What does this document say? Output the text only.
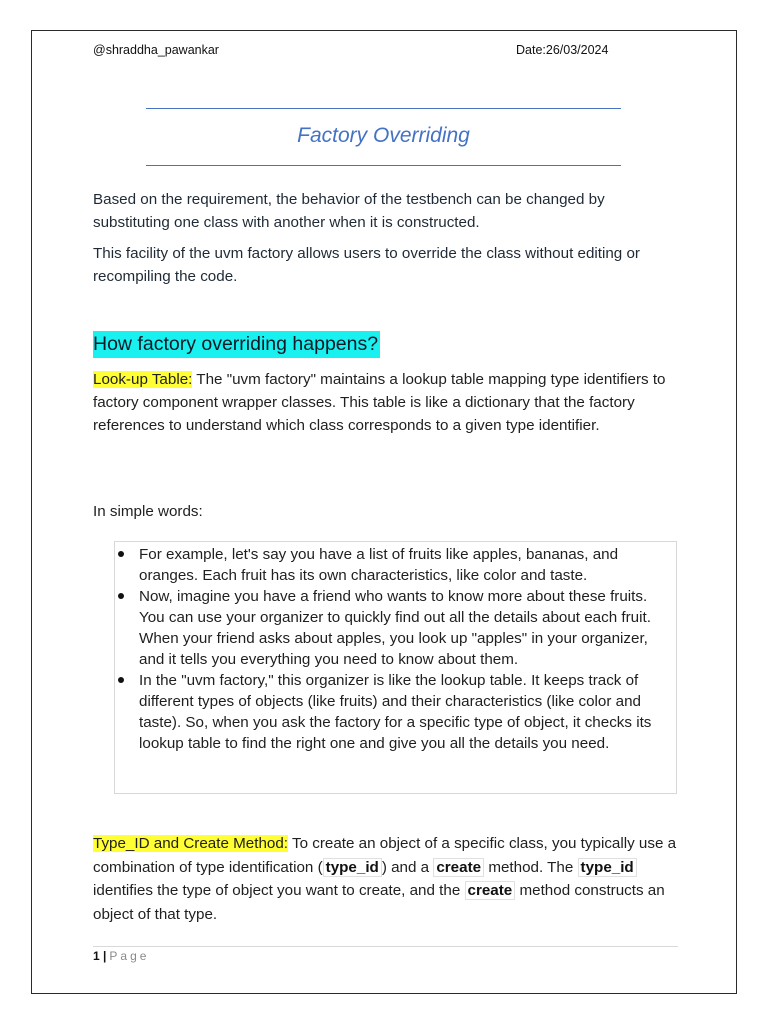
@shraddha_pawankar	Date:26/03/2024
Factory Overriding

Based on the requirement, the behavior of the testbench can be changed by substituting one class with another when it is constructed.

This facility of the uvm factory allows users to override the class without editing or recompiling the code.

How factory overriding happens?

Look-up Table: The "uvm factory" maintains a lookup table mapping type identifiers to factory component wrapper classes. This table is like a dictionary that the factory references to understand which class corresponds to a given type identifier.

In simple words:

For example, let's say you have a list of fruits like apples, bananas, and oranges. Each fruit has its own characteristics, like color and taste.
Now, imagine you have a friend who wants to know more about these fruits. You can use your organizer to quickly find out all the details about each fruit. When your friend asks about apples, you look up "apples" in your organizer, and it tells you everything you need to know about them.
In the "uvm factory," this organizer is like the lookup table. It keeps track of different types of objects (like fruits) and their characteristics (like color and taste). So, when you ask the factory for a specific type of object, it checks its lookup table to find the right one and give you all the details you need.

Type_ID and Create Method: To create an object of a specific class, you typically use a combination of type identification ( type_id ) and a create method. The type_id identifies the type of object you want to create, and the create method constructs an object of that type.

1 | Page
